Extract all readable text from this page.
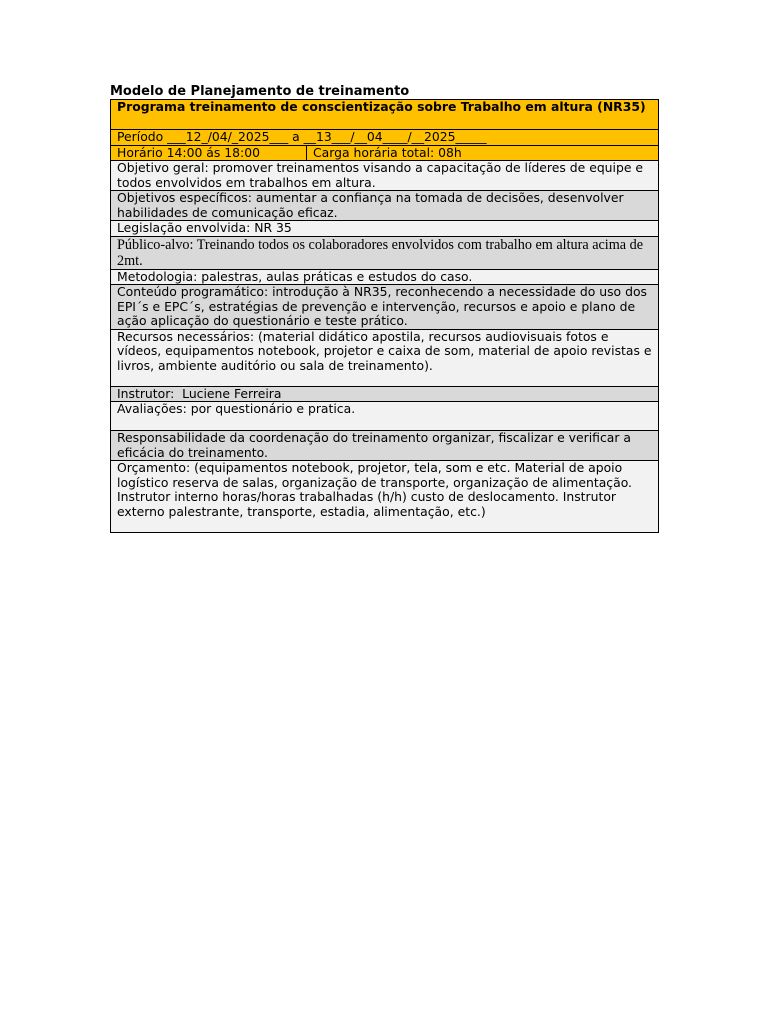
Modelo de Planejamento de treinamento
Programa treinamento de conscientização sobre Trabalho em altura (NR35)
Período ___12_/04/_2025___ a __13___/__04____/__2025_____
Horário 14:00 ás 18:00	Carga horária total: 08h
Objetivo geral: promover treinamentos visando a capacitação de líderes de equipe e todos envolvidos em trabalhos em altura.
Objetivos específicos: aumentar a confiança na tomada de decisões, desenvolver habilidades de comunicação eficaz.
Legislação envolvida: NR 35
Público-alvo: Treinando todos os colaboradores envolvidos com trabalho em altura acima de 2mt.
Metodologia: palestras, aulas práticas e estudos do caso.
Conteúdo programático: introdução à NR35, reconhecendo a necessidade do uso dos EPI´s e EPC´s, estratégias de prevenção e intervenção, recursos e apoio e plano de ação aplicação do questionário e teste prático.
Recursos necessários: (material didático apostila, recursos audiovisuais fotos e vídeos, equipamentos notebook, projetor e caixa de som, material de apoio revistas e livros, ambiente auditório ou sala de treinamento).
Instrutor:  Luciene Ferreira
Avaliações: por questionário e pratica.
Responsabilidade da coordenação do treinamento organizar, fiscalizar e verificar a eficácia do treinamento.
Orçamento: (equipamentos notebook, projetor, tela, som e etc. Material de apoio logístico reserva de salas, organização de transporte, organização de alimentação. Instrutor interno horas/horas trabalhadas (h/h) custo de deslocamento. Instrutor externo palestrante, transporte, estadia, alimentação, etc.)
